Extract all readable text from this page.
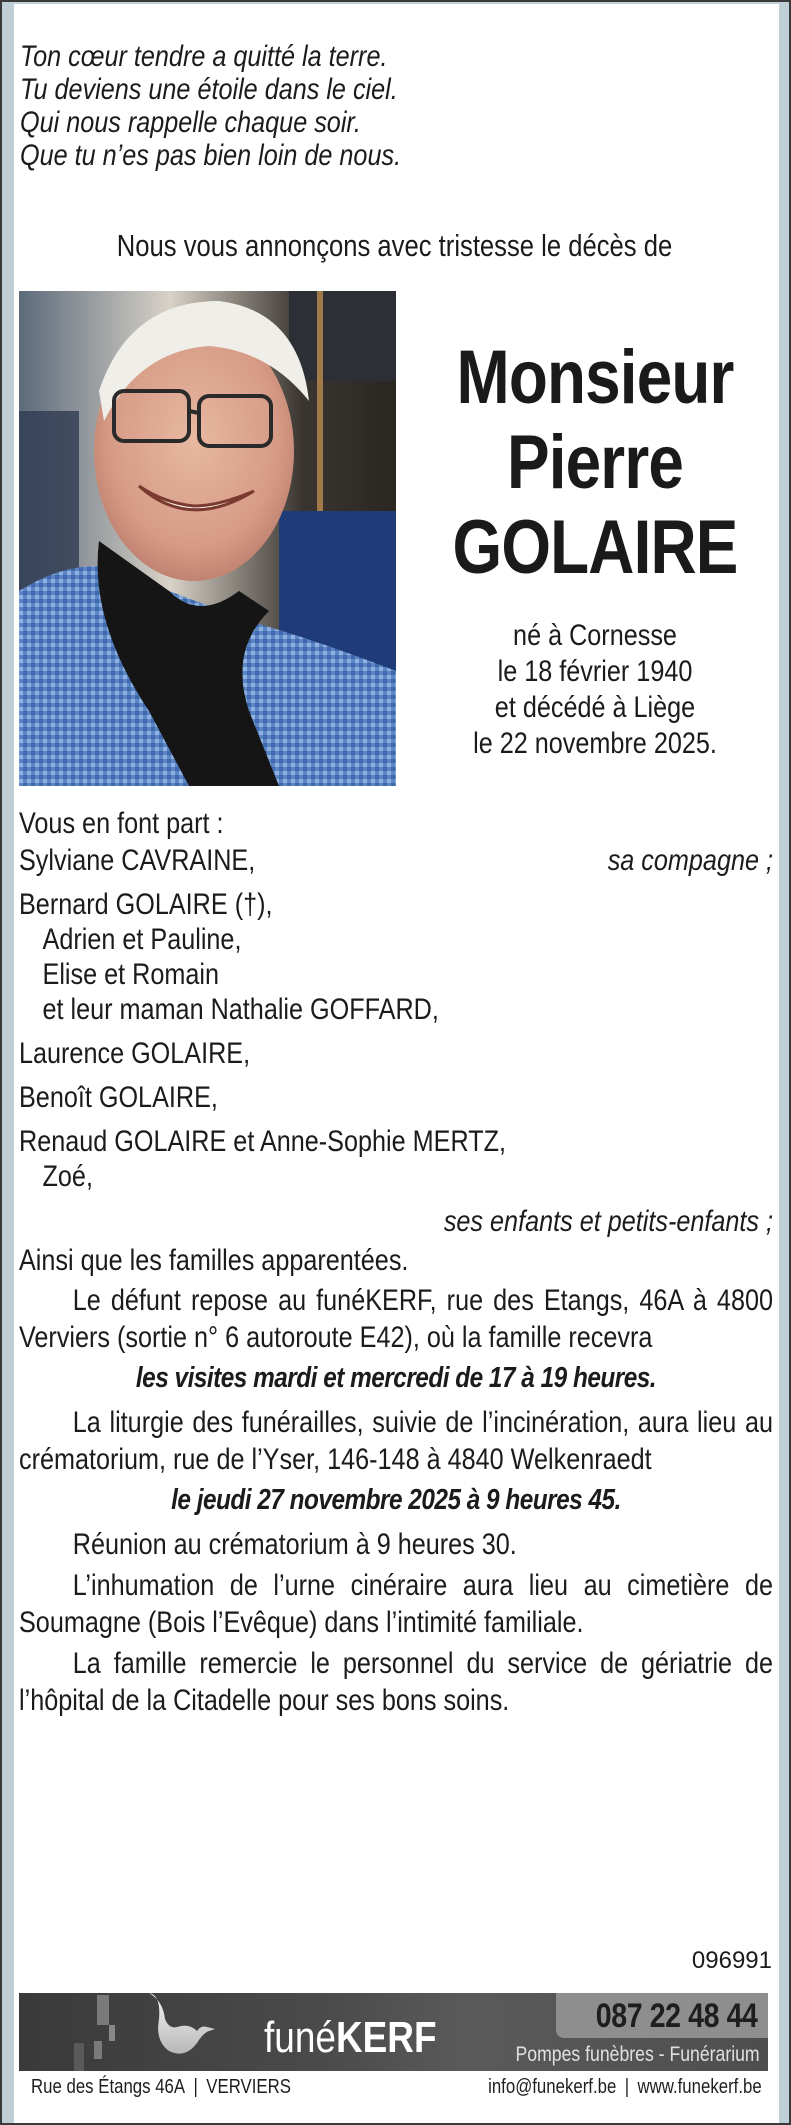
Ton cœur tendre a quitté la terre.
Tu deviens une étoile dans le ciel.
Qui nous rappelle chaque soir.
Que tu n’es pas bien loin de nous.
Nous vous annonçons avec tristesse le décès de
Monsieur
Pierre
GOLAIRE
né à Cornesse
le 18 février 1940
et décédé à Liège
le 22 novembre 2025.
Vous en font part :
Sylviane CAVRAINE,	sa compagne ;
Bernard GOLAIRE (†),
Adrien et Pauline,
Elise et Romain
et leur maman Nathalie GOFFARD,
Laurence GOLAIRE,
Benoît GOLAIRE,
Renaud GOLAIRE et Anne-Sophie MERTZ,
Zoé,
ses enfants et petits-enfants ;
Ainsi que les familles apparentées.
Le défunt repose au funéKERF, rue des Etangs, 46A à 4800 Verviers (sortie n° 6 autoroute E42), où la famille recevra
les visites mardi et mercredi de 17 à 19 heures.
La liturgie des funérailles, suivie de l’incinération, aura lieu au crématorium, rue de l’Yser, 146-148 à 4840 Welkenraedt
le jeudi 27 novembre 2025 à 9 heures 45.
Réunion au crématorium à 9 heures 30.
L’inhumation de l’urne cinéraire aura lieu au cimetière de Soumagne (Bois l’Evêque) dans l’intimité familiale.
La famille remercie le personnel du service de gériatrie de l’hôpital de la Citadelle pour ses bons soins.
096991
funéKERF	087 22 48 44
Pompes funèbres - Funérarium
Rue des Étangs 46A | VERVIERS	info@funekerf.be | www.funekerf.be
